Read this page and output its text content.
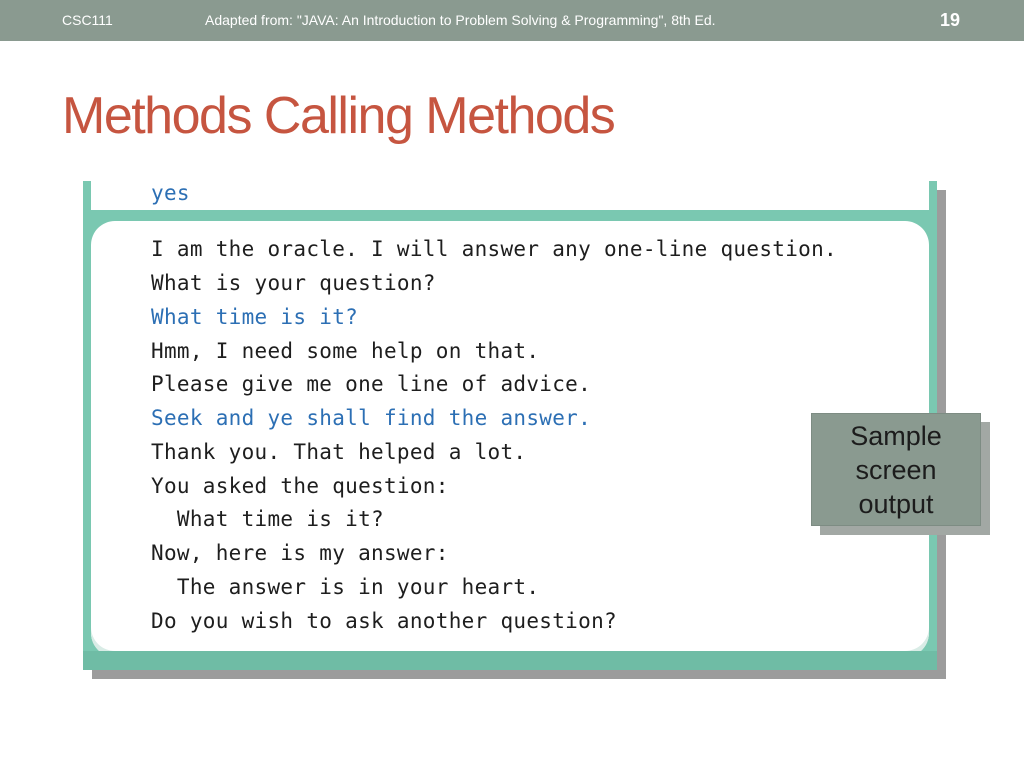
CSC111	Adapted from: "JAVA: An Introduction to Problem Solving & Programming", 8th Ed.	19
Methods Calling Methods
yes
I am the oracle. I will answer any one-line question.
What is your question?
What time is it?
Hmm, I need some help on that.
Please give me one line of advice.
Seek and ye shall find the answer.
Thank you. That helped a lot.
You asked the question:
What time is it?
Now, here is my answer:
The answer is in your heart.
Do you wish to ask another question?
Sample
screen
output
